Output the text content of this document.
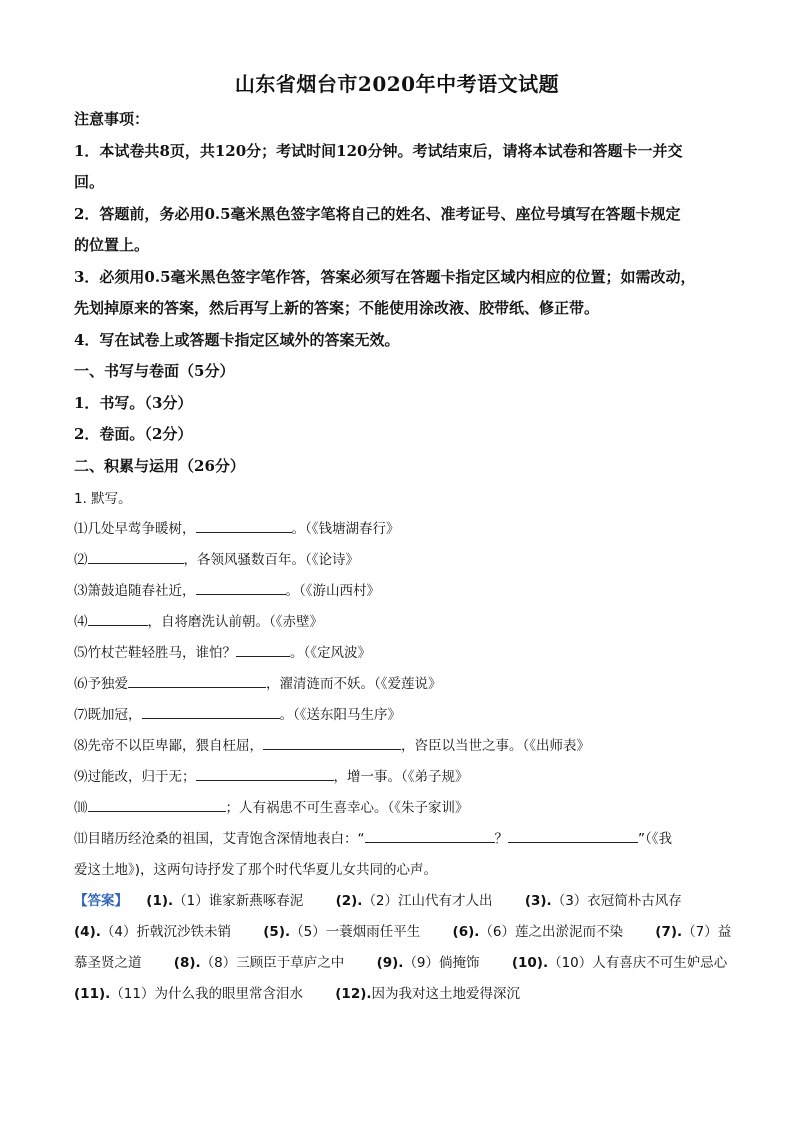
山东省烟台市2020年中考语文试题
注意事项：
1．本试卷共8页，共120分；考试时间120分钟。考试结束后，请将本试卷和答题卡一并交
回。
2．答题前，务必用0.5毫米黑色签字笔将自己的姓名、准考证号、座位号填写在答题卡规定
的位置上。
3．必须用0.5毫米黑色签字笔作答，答案必须写在答题卡指定区域内相应的位置；如需改动，
先划掉原来的答案，然后再写上新的答案；不能使用涂改液、胶带纸、修正带。
4．写在试卷上或答题卡指定区域外的答案无效。
一、书写与卷面（5分）
1．书写。（3分）
2．卷面。（2分）
二、积累与运用（26分）
1. 默写。
⑴几处早莺争暖树，	。（《钱塘湖春行》
⑵	，各领风骚数百年。（《论诗》
⑶箫鼓追随春社近，	。（《游山西村》
⑷	，自将磨洗认前朝。（《赤壁》
⑸竹杖芒鞋轻胜马，谁怕？	。（《定风波》
⑹予独爱	，濯清涟而不妖。（《爱莲说》
⑺既加冠，	。（《送东阳马生序》
⑻先帝不以臣卑鄙，猥自枉屈，	，咨臣以当世之事。（《出师表》
⑼过能改，归于无；	，增一事。（《弟子规》
⑽	；人有祸患不可生喜幸心。（《朱子家训》
⑾目睹历经沧桑的祖国，艾青饱含深情地表白：“	？	”（《我
爱这土地》)，这两句诗抒发了那个时代华夏儿女共同的心声。
【答案】 (1).（1）谁家新燕啄春泥 (2).（2）江山代有才人出 (3).（3）衣冠简朴古风存
(4).（4）折戟沉沙铁未销 (5).（5）一蓑烟雨任平生 (6).（6）莲之出淤泥而不染 (7).（7）益
慕圣贤之道 (8).（8）三顾臣于草庐之中 (9).（9）倘掩饰 (10).（10）人有喜庆不可生妒忌心
(11).（11）为什么我的眼里常含泪水 (12).因为我对这土地爱得深沉
